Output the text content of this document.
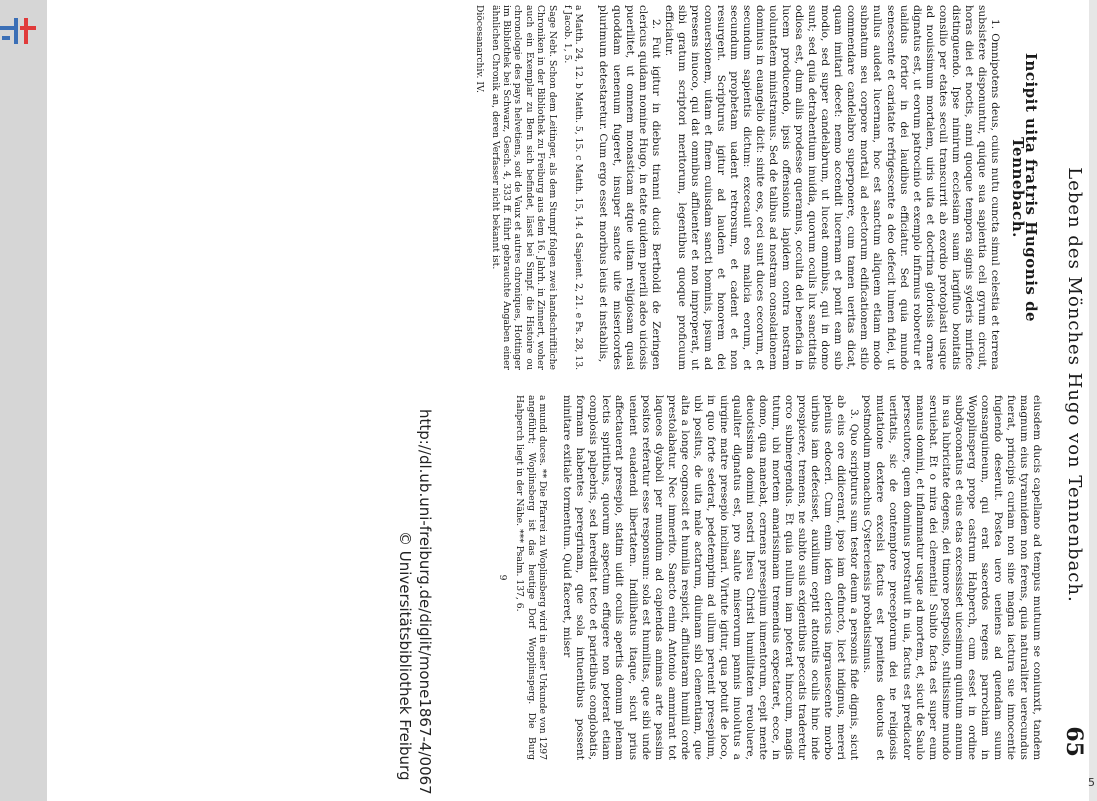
Leben des Mönches Hugo von Tennenbach.
65
Incipit uita fratris Hugonis de Tennebach.

1. Omnipotens deus, cuius nutu cuncta simul celestia et terrena subsistere disponuntur, quique sua sapientia celi gyrum circuit, horas diei et noctis, anni quoque tempora signis syderis mirifice distinguendo. Ipse nimirum ecclesiam suam largifluo bonitatis consilio per etates seculi transcurrit ab exordio protoplasti usque ad nouissimum mortalem, uiris uita et doctrina gloriosis ornare dignatus est, ut eorum patrocinio et exemplo infirmus roboretur et ualidus fortior in dei laudibus efficiatur. Sed quia mundo senescente et cariatate refrigescente a deo defecit lumen fidei, ut nullus audeat lucernam, hoc est sanctum aliquem etiam modo subnatum seu corpore mortali ad electorum edificationem stilo commendare candelabro superponere, cum tamen ueritas dicat, quam imitari decet: nemo accendit lucernam et ponit eam sub modio, sed super candelabrum, ut luceat omnibus, qui in domo sunt; sed quia detrahentium inuidia, quorum oculis lux sanctitatis odiosa est, dum aliis prodesse queramus, occulta dei beneficia in lucem producendo, ipsis offensionis lapidem contra nostram uoluntatem ministramus. Sed de talibus ad nostram consolationem dominus in euangelio dicit: sinite eos, ceci sunt duces cecorum, et secundum sapientis dictum: excecauit eos malicia eorum, et secundum prophetam uadent retrorsum, et cadent et non resurgent. Scripturus igitur ad laudem et honorem dei conuersionem, uitam et finem cuiusdam sancti hominis, ipsum ad presens inuoco, qui dat omnibus affluenter et non improperat, ut sibi gratum scriptori meritorum, legentibus quoque proficuum efficiatur.

2. Fuit igitur in diebus tiranni ducis Bertholdi de Zeringen clericus quidam nomine Hugo, in etate quidem puerili adeo uiciosis puerilitet, ut omnem monasticam atque uitam religiosam quasi quoddam uenenum fugeret, insuper sancte uite misericordes plurimum detestaretur. Cum ergo esset moribus leuis et instabilis,

a Matth. 24, 12. b Matth. 5, 15. c Matth. 15, 14. d Sapient. 2, 21. e Ps. 28, 13. f Jacob. 1, 5.
Sage Nebt. Schon dem Leitinger, als dem Stumpf folgen zwei handschriftliche Chroniken in der Bibliothek zu Freiburg aus dem 16. Jahrh. in Zinnert, woher auch ein Exemplar zu Bern sich befindet, lässt bei Simpf. die Histoire ou chronologie des pays helvetiens, soit de Vaux et autres chroniques, Hottinger im Bibliothek bei Schwarz, Gesch. 4, 333 ff. führt gebrauchte Angaben einer ähnlichen Chronik an, deren Verfasser nicht bekannt ist.
Diöcesanarchiv. IV.

eiusdem ducis capellano ad tempus mutuum se coniunxit, tandem magnum eius tyrannidem non ferens, quia naturaliter uerecundus fuerat, principis curiam non sine magna iactura sue innocentie fugiendo deseruit. Postea uero ueniens ad quendam suum consanguineum, qui erat sacerdos regens parrochiam in Wopplinsperg prope castrum Hahperch, cum esset in ordine subdyaconatus et eius etas excessisset uicesimum quintum annum in sua lubricitate degens, dei timore postposito, stultissime mundo seruiebat. Et o mira dei clementia! Subito facta est super eum manus domini, et inflammatur usque ad mortem, et, sicut de Saulo persecutore, quem dominus prostrauit in uia, factus est predicator ueritatis, sic de contemptore preceptorum dei ne religiosis mutatione dextere excelsi factus est penitens deuotus et postmodum monachus Cysterciensis probatissimus.

3. Quo scripturus sum testor deum a personis fide dignis, sicut ab eius ore didicerant, ipso iam defuncto, licet indignus, mereri plenius edoceri. Cum enim idem clericus ingrauescente morbo uiribus iam defecisset, auxilium ceptit attonitis oculis hinc inde prospicere, tremens, ne subito suis exigentibus peccatis traderetur orco submergendus. Et quia nullum iam poterat hinccum, magis tutum, ubi mortem amarissimam tremendus expectaret, ecce, in domo, qua manebat, cernens presepium iumentorum, cepit mente deuotissima domini nostri Ihesu Christi humilitatem reuoluere, qualiter dignatus est, pro salute miserorum pannis inuolutus a uirgine matre presepio inclinari. Virtute igitur, qua potuit de loco, in quo forte sederat, pedetemptim ad ullum peruenit presepium, ubi positus, de uita male actarum, diuinam sibi clementiam, que alta a longe cognoscit et humilia respicit, affluitaram humili corde prestolabatur. Nec immerito. Sancto enim Antonio ammirant tot laqueos dyaboli per mundum ad capiendas animas arte passim positos referatur esse responsum: sola est humilitas, que sibi unde uenient euadendi libertatem. Indilibatus itaque, sicut prius affectauerat presepio, statim uidit oculis apertis domum plenam lectis spiritibus, quorum aspectum effugere non poterat etiam conplosis palpebris, sed hereditat tecto et parietibus conglobatis, formam habentes peregrinam, que sola intuentibus possent minitare exitiale tormentum. Quid faceret, miser

a mundi duces. ** Die Pfarrei zu Woplinsberg wird in einer Urkunde von 1297 angeführt; Woplinsberg ist das heutige Dorf Wopplinsperg. Die Burg Hahperch liegt in der Nähe. *** Psalm. 137, 6.
9
http://dl.ub.uni-freiburg.de/diglit/mone1867-4/0067
© Universitätsbibliothek Freiburg
5
